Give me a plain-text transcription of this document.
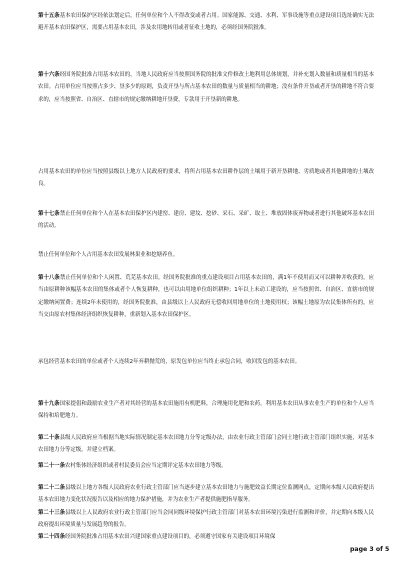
第十五条基本农田保护区经依法划定后，任何单位和个人不得改变或者占用。国家能源、交通、水利、军事设施等重点建设项目选址确实无法避开基本农田保护区，需要占用基本农田，涉及农用地转用或者征收土地的，必须经国务院批准。

第十六条经国务院批准占用基本农田的，当地人民政府应当按照国务院的批准文件修改土地利用总体规划，并补充划入数量和质量相当的基本农田。占用单位应当按照占多少、垦多少的原则，负责开垦与所占基本农田的数量与质量相当的耕地；没有条件开垦或者开垦的耕地不符合要求的，应当按照省、自治区、直辖市的规定缴纳耕地开垦费，专款用于开垦新的耕地。

占用基本农田的单位应当按照县级以上地方人民政府的要求，将所占用基本农田耕作层的土壤用于新开垦耕地、劣质地或者其他耕地的土壤改良。

第十七条禁止任何单位和个人在基本农田保护区内建窑、建房、建坟、挖砂、采石、采矿、取土、堆放固体废弃物或者进行其他破坏基本农田的活动。

禁止任何单位和个人占用基本农田发展林果业和挖塘养鱼。

第十八条禁止任何单位和个人闲置、荒芜基本农田。经国务院批准的重点建设项目占用基本农田的，满1年不使用而又可以耕种并收获的，应当由原耕种该幅基本农田的集体或者个人恢复耕种，也可以由用地单位组织耕种；1年以上未动工建设的，应当按照省、自治区、直辖市的规定缴纳闲置费；连续2年未使用的，经国务院批准，由县级以上人民政府无偿收回用地单位的土地使用权；该幅土地原为农民集体所有的，应当交由原农村集体经济组织恢复耕种，重新划入基本农田保护区。

承包经营基本农田的单位或者个人连续2年弃耕抛荒的，原发包单位应当终止承包合同，收回发包的基本农田。

第十九条国家提倡和鼓励农业生产者对其经营的基本农田施用有机肥料，合理施用化肥和农药。利用基本农田从事农业生产的单位和个人应当保持和培肥地力。

第二十条县级人民政府应当根据当地实际情况制定基本农田地力分等定级办法，由农业行政主管部门会同土地行政主管部门组织实施，对基本农田地力分等定级，并建立档案。

第二十一条农村集体经济组织或者村民委员会应当定期评定基本农田地力等级。

第二十二条县级以上地方各级人民政府农业行政主管部门应当逐步建立基本农田地力与施肥效益长期定位监测网点，定期向本级人民政府提出基本农田地力变化状况报告以及相应的地力保护措施，并为农业生产者提供施肥指导服务。

第二十三条县级以上人民政府农业行政主管部门应当会同同级环境保护行政主管部门对基本农田环境污染进行监测和评价，并定期向本级人民政府提出环境质量与发展趋势的报告。

第二十四条经国务院批准占用基本农田兴建国家重点建设项目的，必须遵守国家有关建设项目环境保

page 3 of 5
